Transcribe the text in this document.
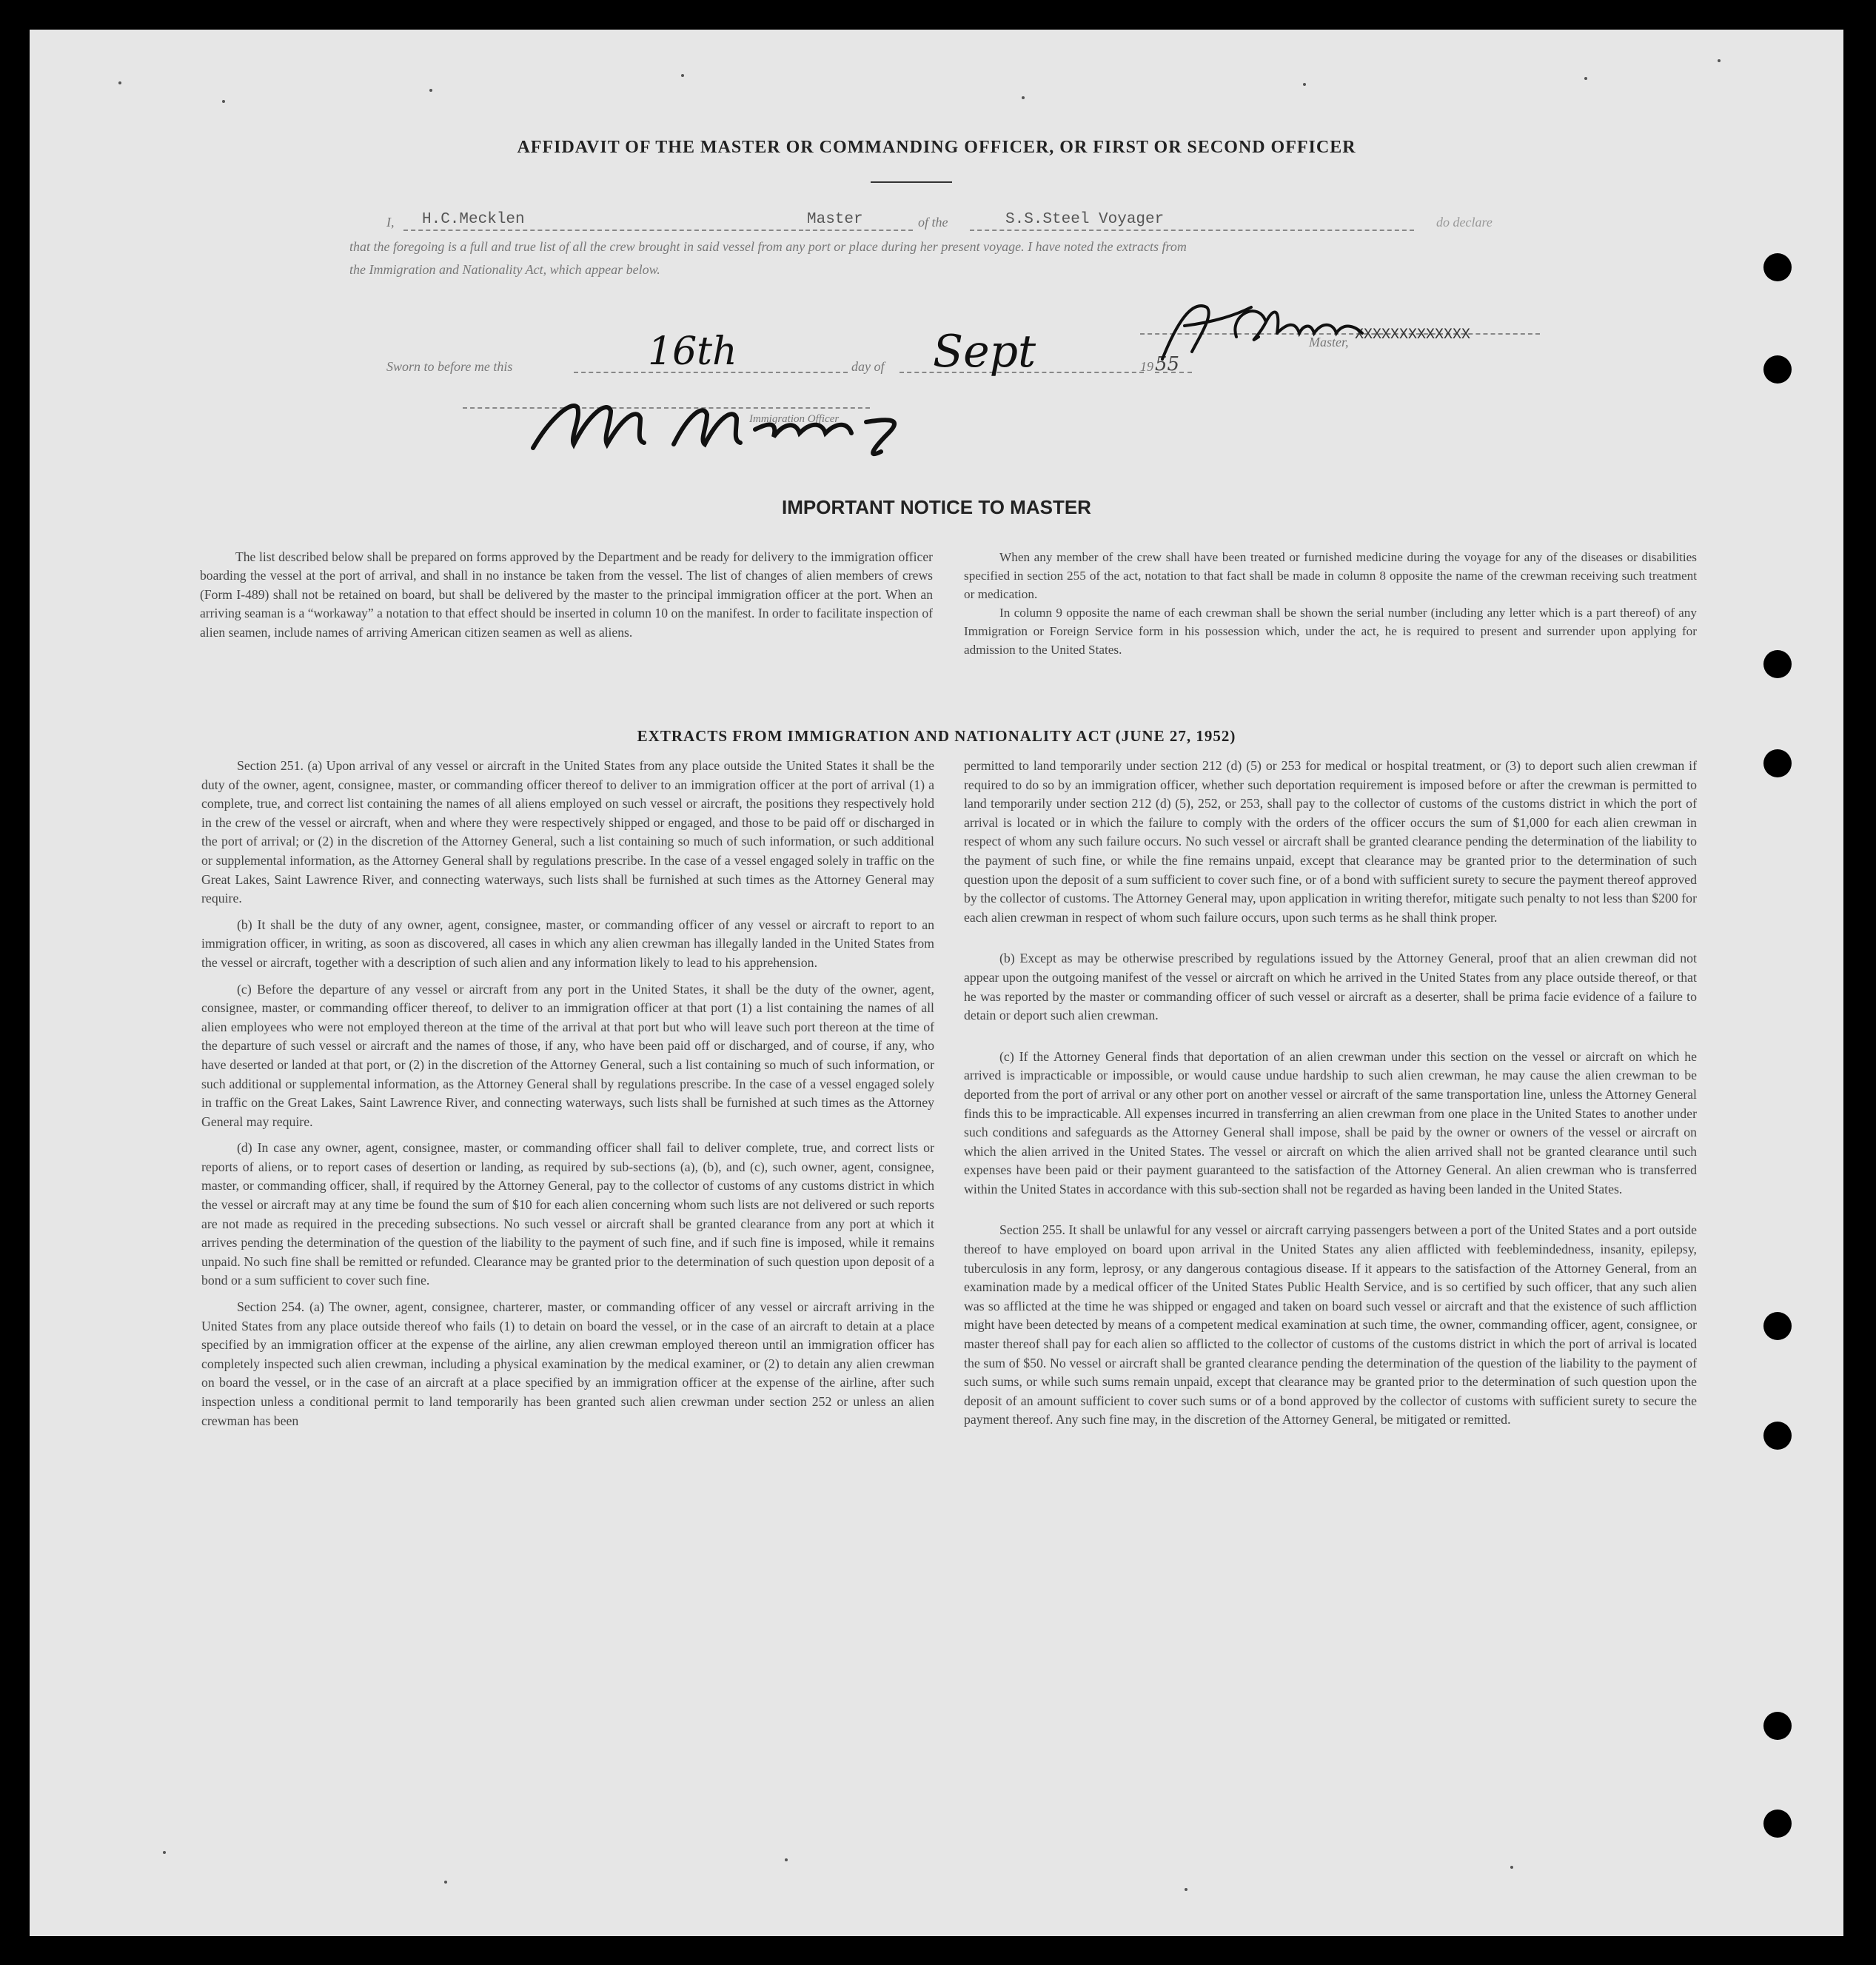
AFFIDAVIT OF THE MASTER OR COMMANDING OFFICER, OR FIRST OR SECOND OFFICER
I, H.C.Mecklen	Master	of the	S.S.Steel Voyager	do declare
that the foregoing is a full and true list of all the crew brought in said vessel from any port or place during her present voyage. I have noted the extracts from
the Immigration and Nationality Act, which appear below.
Sworn to before me this	day of	19
Master,
Immigration Officer
16th	Sept	55
XXXXXXXXXXXXX
IMPORTANT NOTICE TO MASTER

The list described below shall be prepared on forms approved by the Department and be ready for delivery to the immigration officer boarding the vessel at the port of arrival, and shall in no instance be taken from the vessel. The list of changes of alien members of crews (Form I-489) shall not be retained on board, but shall be delivered by the master to the principal immigration officer at the port. When an arriving seaman is a “workaway” a notation to that effect should be inserted in column 10 on the manifest. In order to facilitate inspection of alien seamen, include names of arriving American citizen seamen as well as aliens.

When any member of the crew shall have been treated or furnished medicine during the voyage for any of the diseases or disabilities specified in section 255 of the act, notation to that fact shall be made in column 8 opposite the name of the crewman receiving such treatment or medication.

In column 9 opposite the name of each crewman shall be shown the serial number (including any letter which is a part thereof) of any Immigration or Foreign Service form in his possession which, under the act, he is required to present and surrender upon applying for admission to the United States.

EXTRACTS FROM IMMIGRATION AND NATIONALITY ACT (JUNE 27, 1952)

Section 251. (a) Upon arrival of any vessel or aircraft in the United States from any place outside the United States it shall be the duty of the owner, agent, consignee, master, or commanding officer thereof to deliver to an immigration officer at the port of arrival (1) a complete, true, and correct list containing the names of all aliens employed on such vessel or aircraft, the positions they respectively hold in the crew of the vessel or aircraft, when and where they were respectively shipped or engaged, and those to be paid off or discharged in the port of arrival; or (2) in the discretion of the Attorney General, such a list containing so much of such information, or such additional or supplemental information, as the Attorney General shall by regulations prescribe. In the case of a vessel engaged solely in traffic on the Great Lakes, Saint Lawrence River, and connecting waterways, such lists shall be furnished at such times as the Attorney General may require.

(b) It shall be the duty of any owner, agent, consignee, master, or commanding officer of any vessel or aircraft to report to an immigration officer, in writing, as soon as discovered, all cases in which any alien crewman has illegally landed in the United States from the vessel or aircraft, together with a description of such alien and any information likely to lead to his apprehension.

(c) Before the departure of any vessel or aircraft from any port in the United States, it shall be the duty of the owner, agent, consignee, master, or commanding officer thereof, to deliver to an immigration officer at that port (1) a list containing the names of all alien employees who were not employed thereon at the time of the arrival at that port but who will leave such port thereon at the time of the departure of such vessel or aircraft and the names of those, if any, who have been paid off or discharged, and of course, if any, who have deserted or landed at that port, or (2) in the discretion of the Attorney General, such a list containing so much of such information, or such additional or supplemental information, as the Attorney General shall by regulations prescribe. In the case of a vessel engaged solely in traffic on the Great Lakes, Saint Lawrence River, and connecting waterways, such lists shall be furnished at such times as the Attorney General may require.

(d) In case any owner, agent, consignee, master, or commanding officer shall fail to deliver complete, true, and correct lists or reports of aliens, or to report cases of desertion or landing, as required by sub-sections (a), (b), and (c), such owner, agent, consignee, master, or commanding officer, shall, if required by the Attorney General, pay to the collector of customs of any customs district in which the vessel or aircraft may at any time be found the sum of $10 for each alien concerning whom such lists are not delivered or such reports are not made as required in the preceding subsections. No such vessel or aircraft shall be granted clearance from any port at which it arrives pending the determination of the question of the liability to the payment of such fine, and if such fine is imposed, while it remains unpaid. No such fine shall be remitted or refunded. Clearance may be granted prior to the determination of such question upon deposit of a bond or a sum sufficient to cover such fine.

Section 254. (a) The owner, agent, consignee, charterer, master, or commanding officer of any vessel or aircraft arriving in the United States from any place outside thereof who fails (1) to detain on board the vessel, or in the case of an aircraft to detain at a place specified by an immigration officer at the expense of the airline, any alien crewman employed thereon until an immigration officer has completely inspected such alien crewman, including a physical examination by the medical examiner, or (2) to detain any alien crewman on board the vessel, or in the case of an aircraft at a place specified by an immigration officer at the expense of the airline, after such inspection unless a conditional permit to land temporarily has been granted such alien crewman under section 252 or unless an alien crewman has been

permitted to land temporarily under section 212 (d) (5) or 253 for medical or hospital treatment, or (3) to deport such alien crewman if required to do so by an immigration officer, whether such deportation requirement is imposed before or after the crewman is permitted to land temporarily under section 212 (d) (5), 252, or 253, shall pay to the collector of customs of the customs district in which the port of arrival is located or in which the failure to comply with the orders of the officer occurs the sum of $1,000 for each alien crewman in respect of whom any such failure occurs. No such vessel or aircraft shall be granted clearance pending the determination of the liability to the payment of such fine, or while the fine remains unpaid, except that clearance may be granted prior to the determination of such question upon the deposit of a sum sufficient to cover such fine, or of a bond with sufficient surety to secure the payment thereof approved by the collector of customs. The Attorney General may, upon application in writing therefor, mitigate such penalty to not less than $200 for each alien crewman in respect of whom such failure occurs, upon such terms as he shall think proper.

(b) Except as may be otherwise prescribed by regulations issued by the Attorney General, proof that an alien crewman did not appear upon the outgoing manifest of the vessel or aircraft on which he arrived in the United States from any place outside thereof, or that he was reported by the master or commanding officer of such vessel or aircraft as a deserter, shall be prima facie evidence of a failure to detain or deport such alien crewman.

(c) If the Attorney General finds that deportation of an alien crewman under this section on the vessel or aircraft on which he arrived is impracticable or impossible, or would cause undue hardship to such alien crewman, he may cause the alien crewman to be deported from the port of arrival or any other port on another vessel or aircraft of the same transportation line, unless the Attorney General finds this to be impracticable. All expenses incurred in transferring an alien crewman from one place in the United States to another under such conditions and safeguards as the Attorney General shall impose, shall be paid by the owner or owners of the vessel or aircraft on which the alien arrived in the United States. The vessel or aircraft on which the alien arrived shall not be granted clearance until such expenses have been paid or their payment guaranteed to the satisfaction of the Attorney General. An alien crewman who is transferred within the United States in accordance with this sub-section shall not be regarded as having been landed in the United States.

Section 255. It shall be unlawful for any vessel or aircraft carrying passengers between a port of the United States and a port outside thereof to have employed on board upon arrival in the United States any alien afflicted with feeblemindedness, insanity, epilepsy, tuberculosis in any form, leprosy, or any dangerous contagious disease. If it appears to the satisfaction of the Attorney General, from an examination made by a medical officer of the United States Public Health Service, and is so certified by such officer, that any such alien was so afflicted at the time he was shipped or engaged and taken on board such vessel or aircraft and that the existence of such affliction might have been detected by means of a competent medical examination at such time, the owner, commanding officer, agent, consignee, or master thereof shall pay for each alien so afflicted to the collector of customs of the customs district in which the port of arrival is located the sum of $50. No vessel or aircraft shall be granted clearance pending the determination of the question of the liability to the payment of such sums, or while such sums remain unpaid, except that clearance may be granted prior to the determination of such question upon the deposit of an amount sufficient to cover such sums or of a bond approved by the collector of customs with sufficient surety to secure the payment thereof. Any such fine may, in the discretion of the Attorney General, be mitigated or remitted.
